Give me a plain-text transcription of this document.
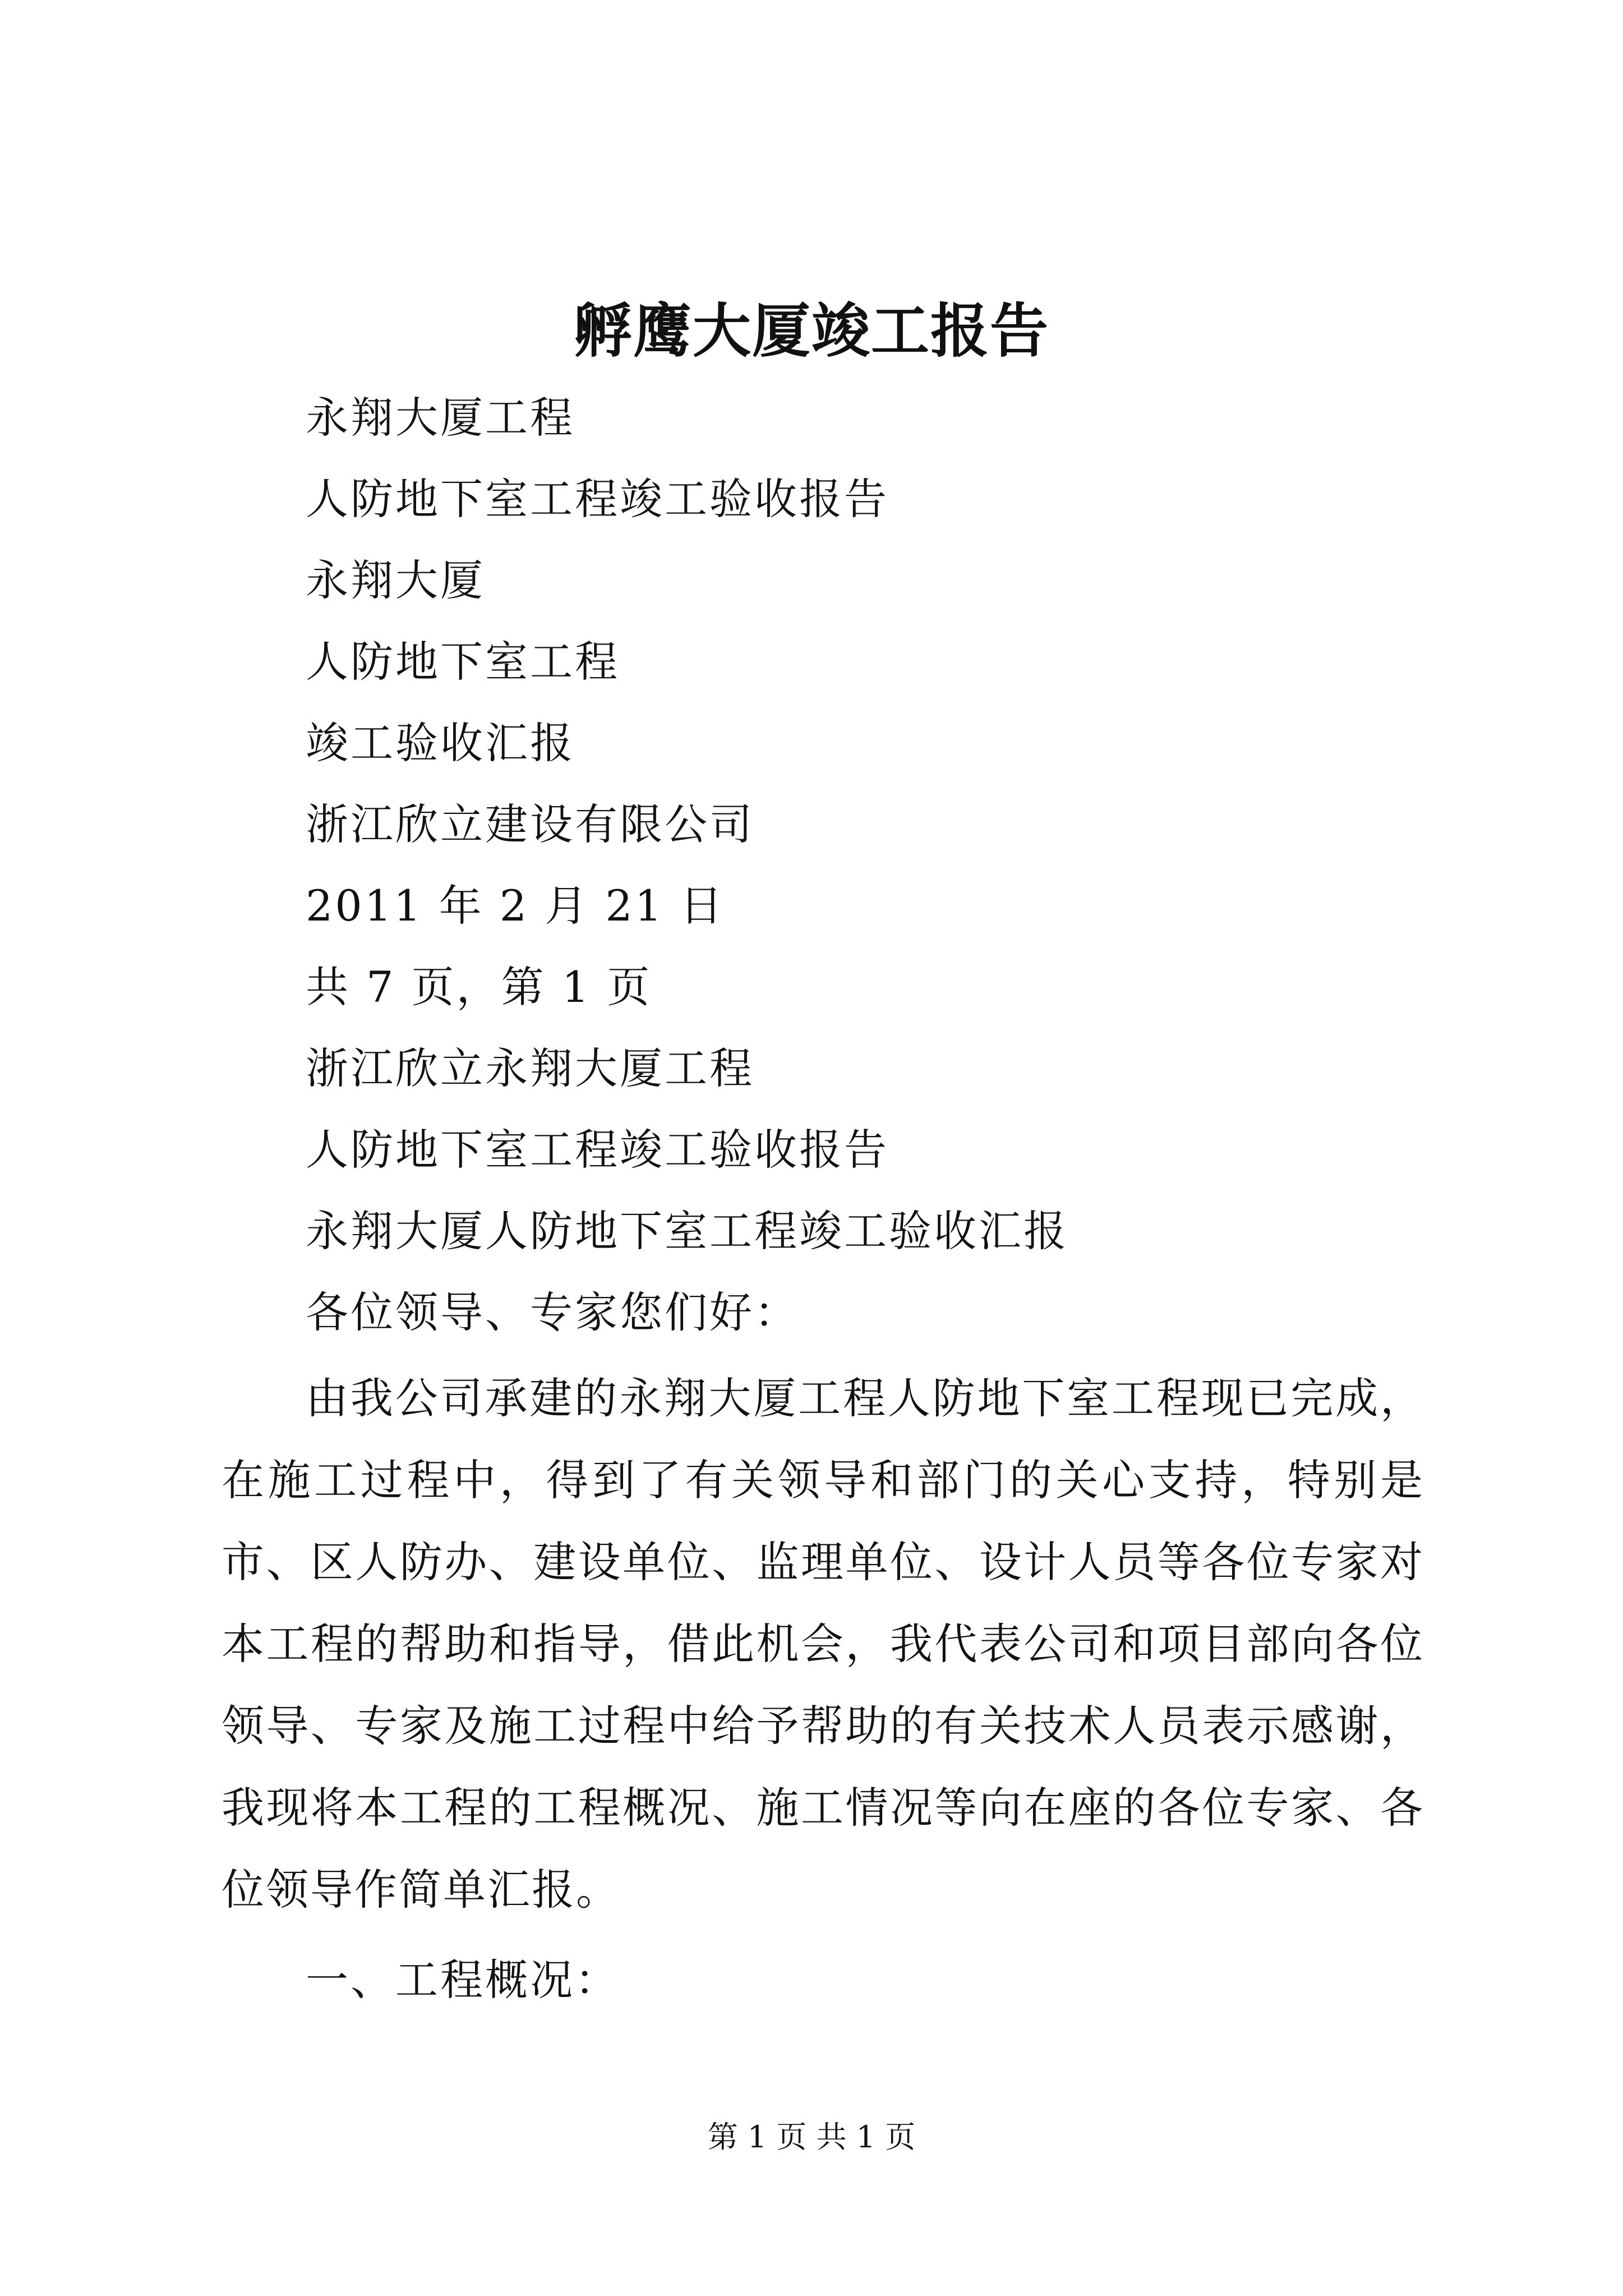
孵鹰大厦竣工报告
永翔大厦工程
人防地下室工程竣工验收报告
永翔大厦
人防地下室工程
竣工验收汇报
浙江欣立建设有限公司
2011 年 2 月 21 日
共 7 页，第 1 页
浙江欣立永翔大厦工程
人防地下室工程竣工验收报告
永翔大厦人防地下室工程竣工验收汇报
各位领导、专家您们好：
由我公司承建的永翔大厦工程人防地下室工程现已完成，在施工过程中，得到了有关领导和部门的关心支持，特别是市、区人防办、建设单位、监理单位、设计人员等各位专家对本工程的帮助和指导，借此机会，我代表公司和项目部向各位领导、专家及施工过程中给予帮助的有关技术人员表示感谢，我现将本工程的工程概况、施工情况等向在座的各位专家、各位领导作简单汇报。
一、工程概况：
第 1 页 共 1 页
